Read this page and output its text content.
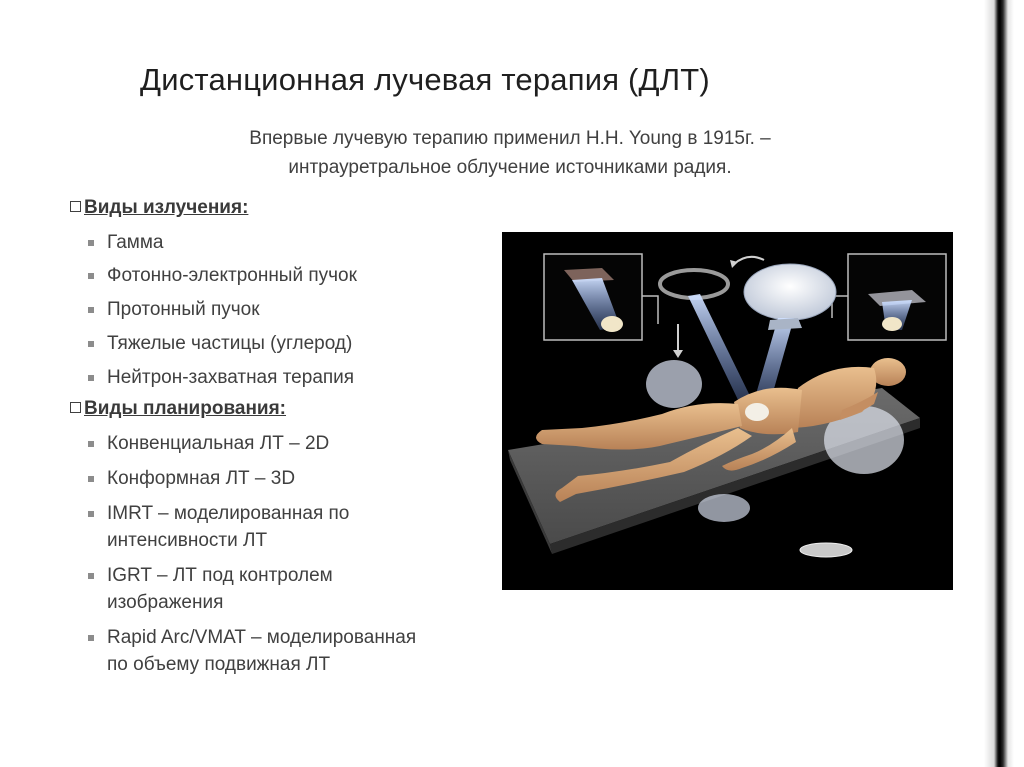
Дистанционная лучевая терапия (ДЛТ)
Впервые лучевую терапию применил H.H. Young в 1915г. –
интрауретральное облучение источниками радия.
Виды излучения:
Гамма
Фотонно-электронный пучок
Протонный пучок
Тяжелые частицы (углерод)
Нейтрон-захватная терапия
Виды планирования:
Конвенциальная ЛТ – 2D
Конформная ЛТ – 3D
IMRT – моделированная по
интенсивности ЛТ
IGRT – ЛТ под контролем
изображения
Rapid Arc/VMAT – моделированная
по объему подвижная ЛТ
